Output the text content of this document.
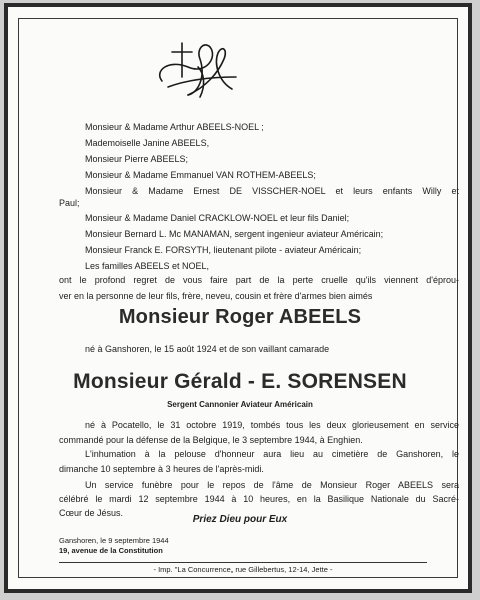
Monsieur & Madame Arthur ABEELS-NOEL ;
Mademoiselle Janine ABEELS,
Monsieur Pierre ABEELS;
Monsieur & Madame Emmanuel VAN ROTHEM-ABEELS;
Monsieur & Madame Ernest DE VISSCHER-NOEL et leurs enfants Willy et
Paul;
Monsieur & Madame Daniel CRACKLOW-NOEL et leur fils Daniel;
Monsieur Bernard L. Mc MANAMAN, sergent ingenieur aviateur Américain;
Monsieur Franck E. FORSYTH, lieutenant pilote - aviateur Américain;
Les familles ABEELS et NOEL,
ont le profond regret de vous faire part de la perte cruelle qu'ils viennent d'éprou-
ver en la personne de leur fils, frère, neveu, cousin et frère d'armes bien aimés
Monsieur Roger ABEELS
né à Ganshoren, le 15 août 1924 et de son vaillant camarade
Monsieur Gérald - E. SORENSEN
Sergent Cannonier Aviateur Américain
né à Pocatello, le 31 octobre 1919, tombés tous les deux glorieusement en service
commandé pour la défense de la Belgique, le 3 septembre 1944, à Enghien.
L'inhumation à la pelouse d'honneur aura lieu au cimetière de Ganshoren, le
dimanche 10 septembre à 3 heures de l'après-midi.
Un service funèbre pour le repos de l'âme de Monsieur Roger ABEELS sera
célébré le mardi 12 septembre 1944 à 10 heures, en la Basilique Nationale du Sacré-
Cœur de Jésus.
Priez Dieu pour Eux
Ganshoren, le 9 septembre 1944
19, avenue de la Constitution
- Imp. "La Concurrence„ rue Gillebertus, 12-14, Jette -
